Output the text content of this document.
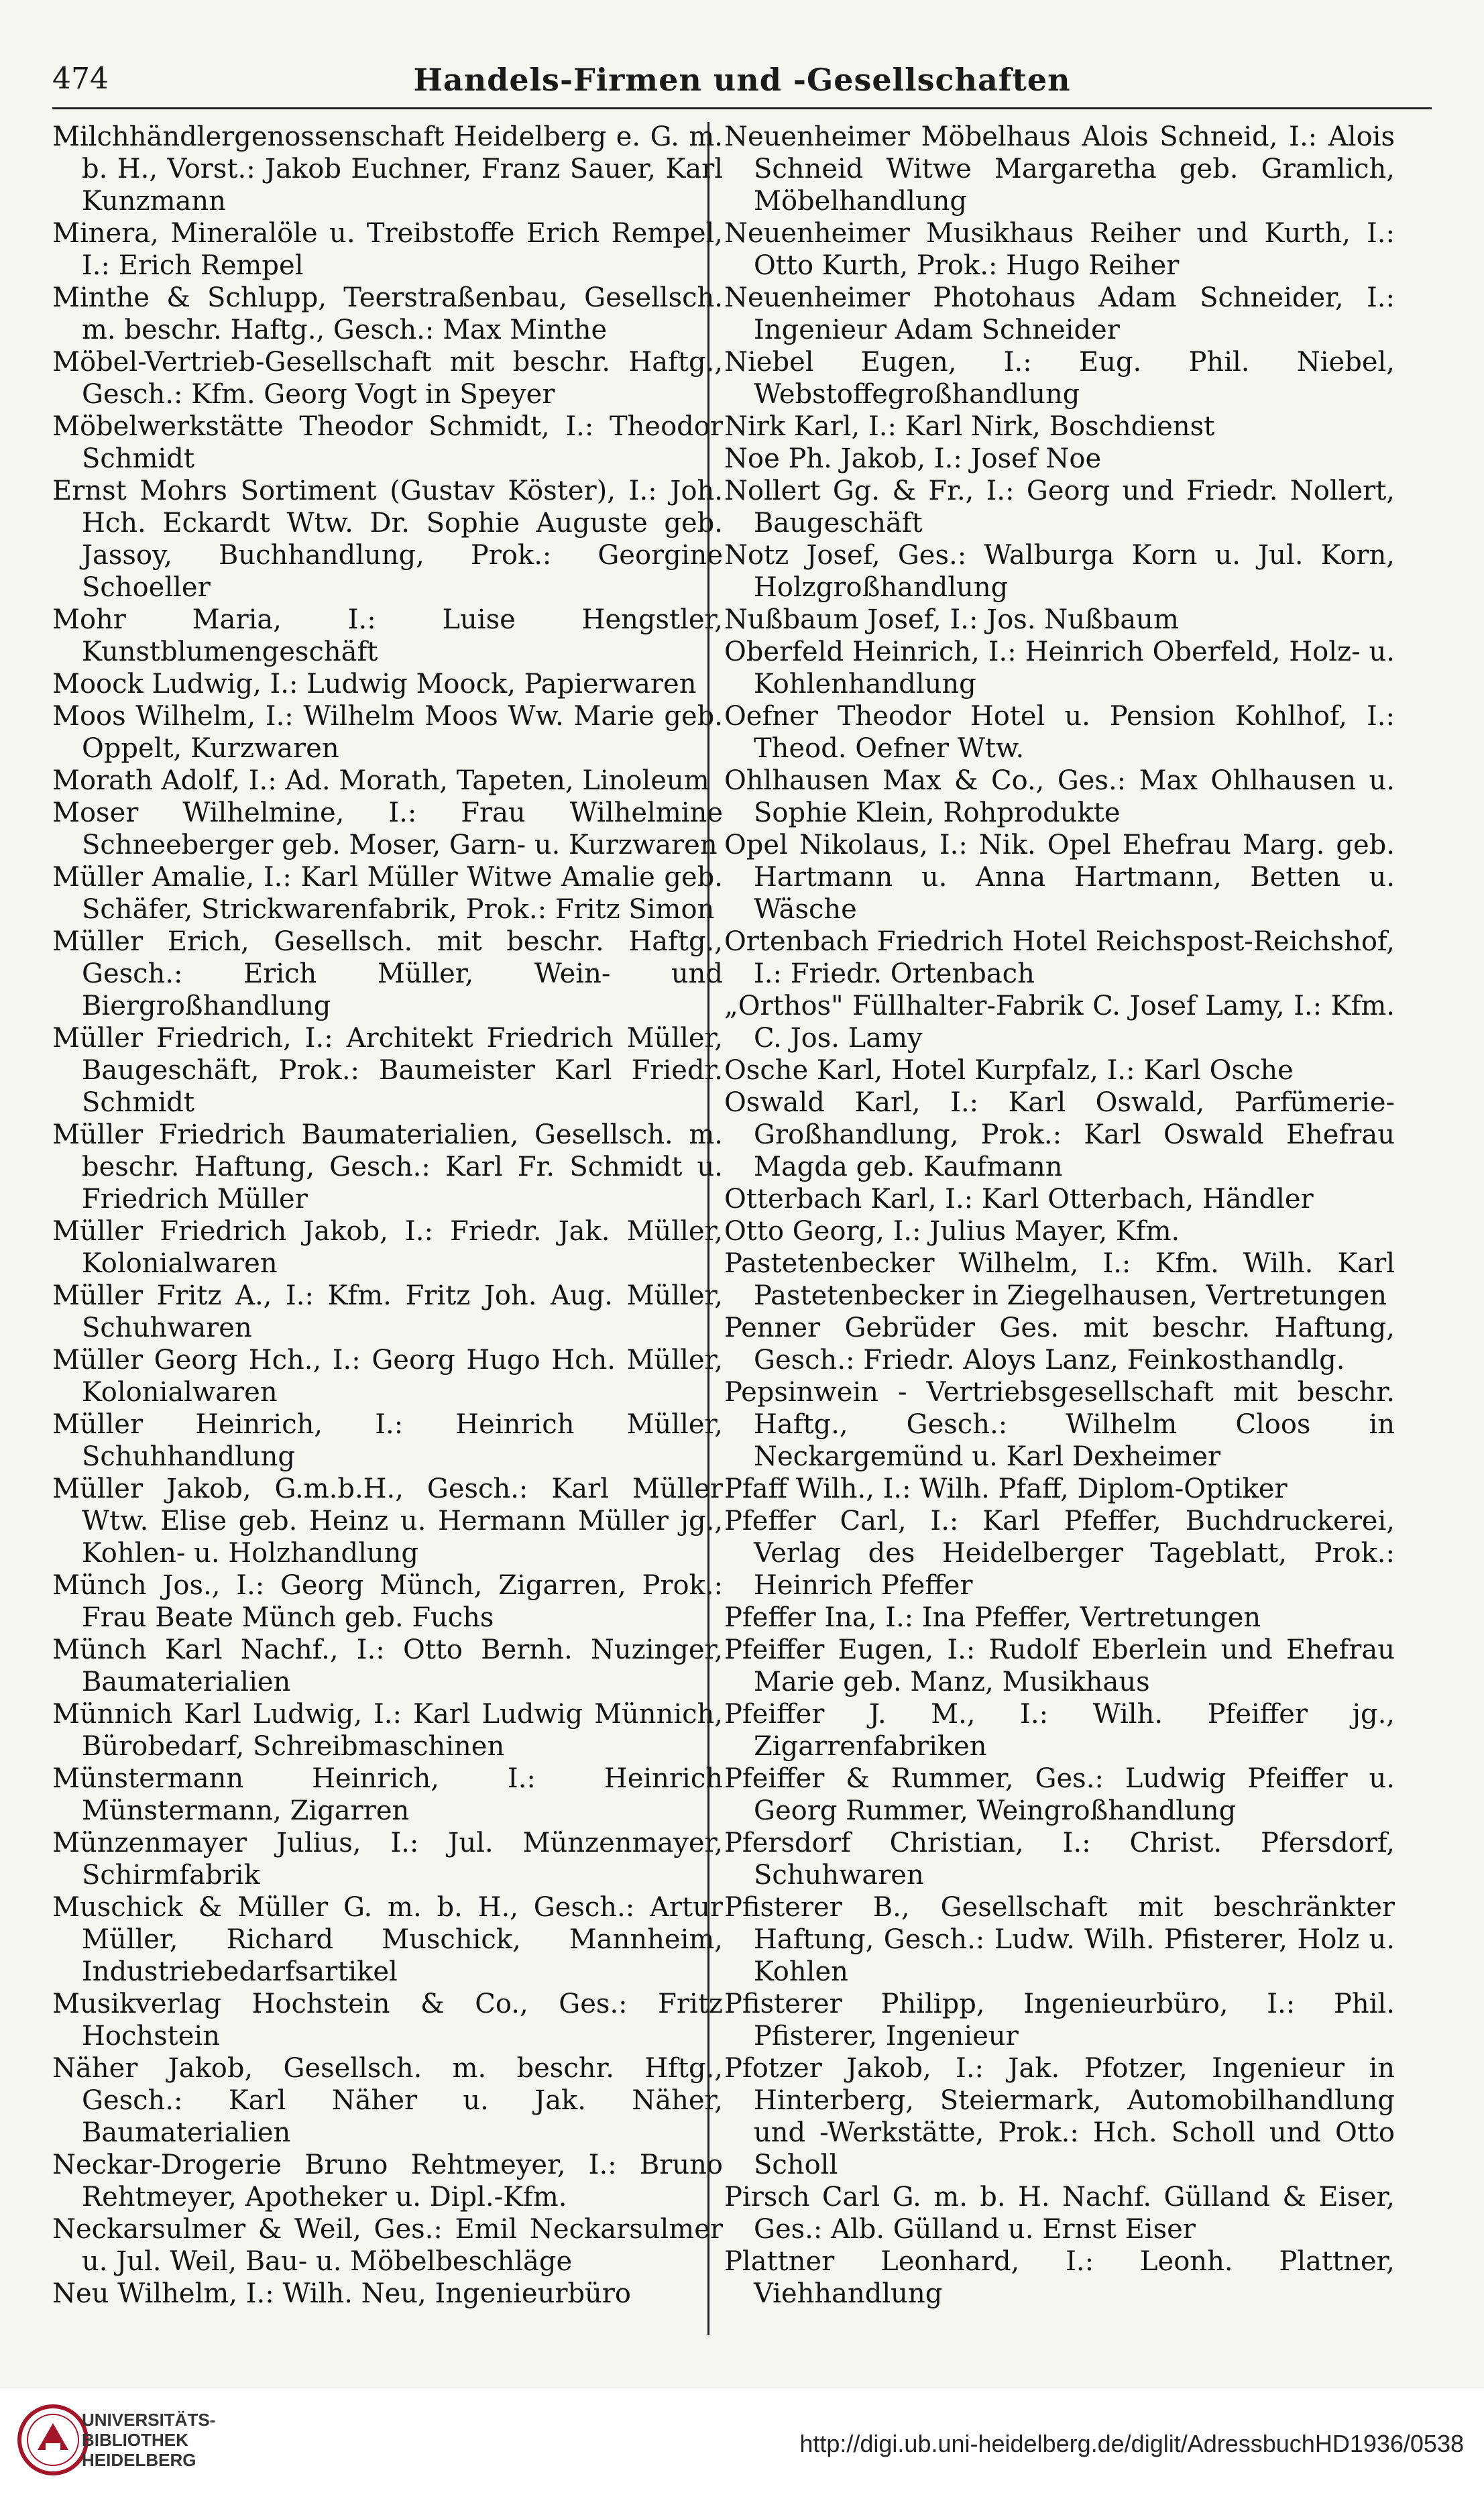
474	Handels-Firmen und -Gesellschaften

Milchhändlergenossenschaft Heidelberg e. G. m. b. H., Vorst.: Jakob Euchner, Franz Sauer, Karl Kunzmann

Minera, Mineralöle u. Treibstoffe Erich Rempel, I.: Erich Rempel

Minthe & Schlupp, Teerstraßenbau, Gesellsch. m. beschr. Haftg., Gesch.: Max Minthe

Möbel-Vertrieb-Gesellschaft mit beschr. Haftg., Gesch.: Kfm. Georg Vogt in Speyer

Möbelwerkstätte Theodor Schmidt, I.: Theodor Schmidt

Ernst Mohrs Sortiment (Gustav Köster), I.: Joh. Hch. Eckardt Wtw. Dr. Sophie Auguste geb. Jassoy, Buchhandlung, Prok.: Georgine Schoeller

Mohr Maria, I.: Luise Hengstler, Kunstblumengeschäft

Moock Ludwig, I.: Ludwig Moock, Papierwaren

Moos Wilhelm, I.: Wilhelm Moos Ww. Marie geb. Oppelt, Kurzwaren

Morath Adolf, I.: Ad. Morath, Tapeten, Linoleum

Moser Wilhelmine, I.: Frau Wilhelmine Schneeberger geb. Moser, Garn- u. Kurzwaren

Müller Amalie, I.: Karl Müller Witwe Amalie geb. Schäfer, Strickwarenfabrik, Prok.: Fritz Simon

Müller Erich, Gesellsch. mit beschr. Haftg., Gesch.: Erich Müller, Wein- und Biergroßhandlung

Müller Friedrich, I.: Architekt Friedrich Müller, Baugeschäft, Prok.: Baumeister Karl Friedr. Schmidt

Müller Friedrich Baumaterialien, Gesellsch. m. beschr. Haftung, Gesch.: Karl Fr. Schmidt u. Friedrich Müller

Müller Friedrich Jakob, I.: Friedr. Jak. Müller, Kolonialwaren

Müller Fritz A., I.: Kfm. Fritz Joh. Aug. Müller, Schuhwaren

Müller Georg Hch., I.: Georg Hugo Hch. Müller, Kolonialwaren

Müller Heinrich, I.: Heinrich Müller, Schuhhandlung

Müller Jakob, G.m.b.H., Gesch.: Karl Müller Wtw. Elise geb. Heinz u. Hermann Müller jg., Kohlen- u. Holzhandlung

Münch Jos., I.: Georg Münch, Zigarren, Prok.: Frau Beate Münch geb. Fuchs

Münch Karl Nachf., I.: Otto Bernh. Nuzinger, Baumaterialien

Münnich Karl Ludwig, I.: Karl Ludwig Münnich, Bürobedarf, Schreibmaschinen

Münstermann Heinrich, I.: Heinrich Münstermann, Zigarren

Münzenmayer Julius, I.: Jul. Münzenmayer, Schirmfabrik

Muschick & Müller G. m. b. H., Gesch.: Artur Müller, Richard Muschick, Mannheim, Industriebedarfsartikel

Musikverlag Hochstein & Co., Ges.: Fritz Hochstein

Näher Jakob, Gesellsch. m. beschr. Hftg., Gesch.: Karl Näher u. Jak. Näher, Baumaterialien

Neckar-Drogerie Bruno Rehtmeyer, I.: Bruno Rehtmeyer, Apotheker u. Dipl.-Kfm.

Neckarsulmer & Weil, Ges.: Emil Neckarsulmer u. Jul. Weil, Bau- u. Möbelbeschläge

Neu Wilhelm, I.: Wilh. Neu, Ingenieurbüro

Neuenheimer Möbelhaus Alois Schneid, I.: Alois Schneid Witwe Margaretha geb. Gramlich, Möbelhandlung

Neuenheimer Musikhaus Reiher und Kurth, I.: Otto Kurth, Prok.: Hugo Reiher

Neuenheimer Photohaus Adam Schneider, I.: Ingenieur Adam Schneider

Niebel Eugen, I.: Eug. Phil. Niebel, Webstoffegroßhandlung

Nirk Karl, I.: Karl Nirk, Boschdienst

Noe Ph. Jakob, I.: Josef Noe

Nollert Gg. & Fr., I.: Georg und Friedr. Nollert, Baugeschäft

Notz Josef, Ges.: Walburga Korn u. Jul. Korn, Holzgroßhandlung

Nußbaum Josef, I.: Jos. Nußbaum

Oberfeld Heinrich, I.: Heinrich Oberfeld, Holz- u. Kohlenhandlung

Oefner Theodor Hotel u. Pension Kohlhof, I.: Theod. Oefner Wtw.

Ohlhausen Max & Co., Ges.: Max Ohlhausen u. Sophie Klein, Rohprodukte

Opel Nikolaus, I.: Nik. Opel Ehefrau Marg. geb. Hartmann u. Anna Hartmann, Betten u. Wäsche

Ortenbach Friedrich Hotel Reichspost-Reichshof, I.: Friedr. Ortenbach

„Orthos" Füllhalter-Fabrik C. Josef Lamy, I.: Kfm. C. Jos. Lamy

Osche Karl, Hotel Kurpfalz, I.: Karl Osche

Oswald Karl, I.: Karl Oswald, Parfümerie-Großhandlung, Prok.: Karl Oswald Ehefrau Magda geb. Kaufmann

Otterbach Karl, I.: Karl Otterbach, Händler

Otto Georg, I.: Julius Mayer, Kfm.

Pastetenbecker Wilhelm, I.: Kfm. Wilh. Karl Pastetenbecker in Ziegelhausen, Vertretungen

Penner Gebrüder Ges. mit beschr. Haftung, Gesch.: Friedr. Aloys Lanz, Feinkosthandlg.

Pepsinwein - Vertriebsgesellschaft mit beschr. Haftg., Gesch.: Wilhelm Cloos in Neckargemünd u. Karl Dexheimer

Pfaff Wilh., I.: Wilh. Pfaff, Diplom-Optiker

Pfeffer Carl, I.: Karl Pfeffer, Buchdruckerei, Verlag des Heidelberger Tageblatt, Prok.: Heinrich Pfeffer

Pfeffer Ina, I.: Ina Pfeffer, Vertretungen

Pfeiffer Eugen, I.: Rudolf Eberlein und Ehefrau Marie geb. Manz, Musikhaus

Pfeiffer J. M., I.: Wilh. Pfeiffer jg., Zigarrenfabriken

Pfeiffer & Rummer, Ges.: Ludwig Pfeiffer u. Georg Rummer, Weingroßhandlung

Pfersdorf Christian, I.: Christ. Pfersdorf, Schuhwaren

Pfisterer B., Gesellschaft mit beschränkter Haftung, Gesch.: Ludw. Wilh. Pfisterer, Holz u. Kohlen

Pfisterer Philipp, Ingenieurbüro, I.: Phil. Pfisterer, Ingenieur

Pfotzer Jakob, I.: Jak. Pfotzer, Ingenieur in Hinterberg, Steiermark, Automobilhandlung und -Werkstätte, Prok.: Hch. Scholl und Otto Scholl

Pirsch Carl G. m. b. H. Nachf. Gülland & Eiser, Ges.: Alb. Gülland u. Ernst Eiser

Plattner Leonhard, I.: Leonh. Plattner, Viehhandlung

UNIVERSITÄTS-
BIBLIOTHEK
HEIDELBERG
http://digi.ub.uni-heidelberg.de/diglit/AdressbuchHD1936/0538
